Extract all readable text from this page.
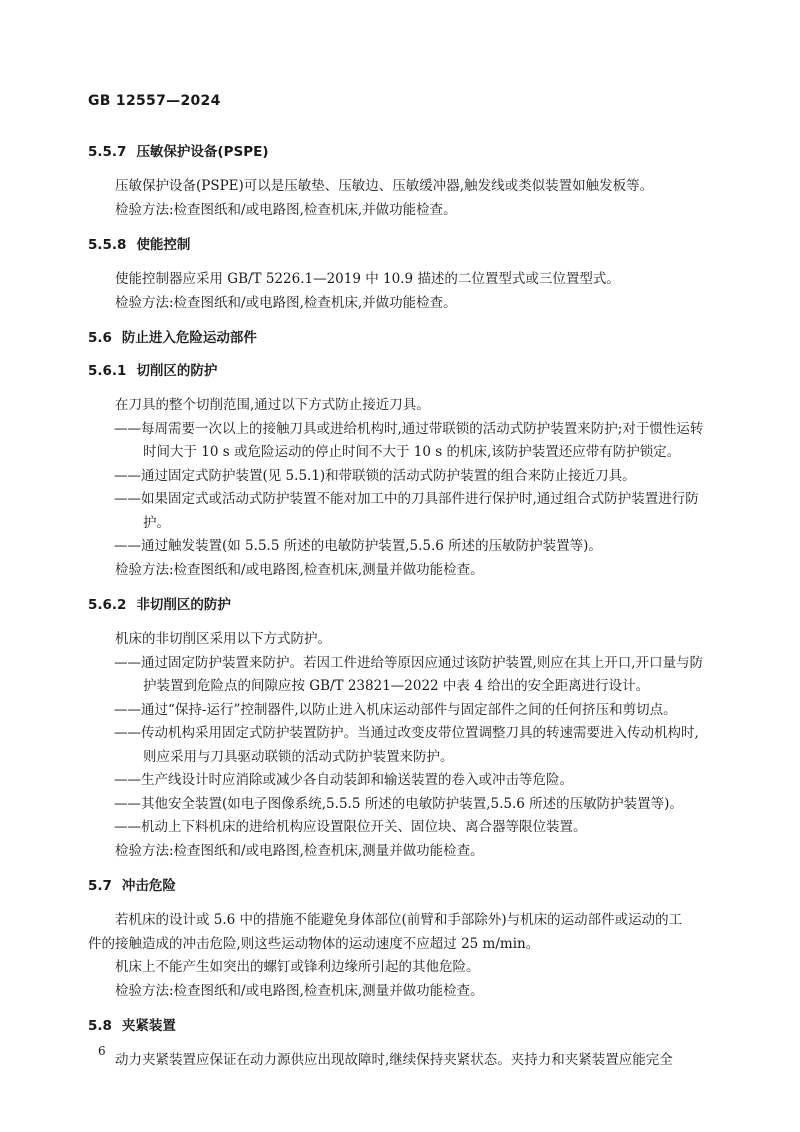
GB 12557—2024
5.5.7 压敏保护设备(PSPE)

压敏保护设备(PSPE)可以是压敏垫、压敏边、压敏缓冲器,触发线或类似装置如触发板等。

检验方法:检查图纸和/或电路图,检查机床,并做功能检查。

5.5.8 使能控制

使能控制器应采用 GB/T 5226.1—2019 中 10.9 描述的二位置型式或三位置型式。

检验方法:检查图纸和/或电路图,检查机床,并做功能检查。

5.6 防止进入危险运动部件
5.6.1 切削区的防护

在刀具的整个切削范围,通过以下方式防止接近刀具。

——每周需要一次以上的接触刀具或进给机构时,通过带联锁的活动式防护装置来防护;对于惯性运转时间大于 10 s 或危险运动的停止时间不大于 10 s 的机床,该防护装置还应带有防护锁定。

——通过固定式防护装置(见 5.5.1)和带联锁的活动式防护装置的组合来防止接近刀具。

——如果固定式或活动式防护装置不能对加工中的刀具部件进行保护时,通过组合式防护装置进行防护。

——通过触发装置(如 5.5.5 所述的电敏防护装置,5.5.6 所述的压敏防护装置等)。

检验方法:检查图纸和/或电路图,检查机床,测量并做功能检查。

5.6.2 非切削区的防护

机床的非切削区采用以下方式防护。

——通过固定防护装置来防护。若因工件进给等原因应通过该防护装置,则应在其上开口,开口量与防护装置到危险点的间隙应按 GB/T 23821—2022 中表 4 给出的安全距离进行设计。

——通过“保持-运行”控制器件,以防止进入机床运动部件与固定部件之间的任何挤压和剪切点。

——传动机构采用固定式防护装置防护。当通过改变皮带位置调整刀具的转速需要进入传动机构时,则应采用与刀具驱动联锁的活动式防护装置来防护。

——生产线设计时应消除或减少各自动装卸和输送装置的卷入或冲击等危险。

——其他安全装置(如电子图像系统,5.5.5 所述的电敏防护装置,5.5.6 所述的压敏防护装置等)。

——机动上下料机床的进给机构应设置限位开关、固位块、离合器等限位装置。

检验方法:检查图纸和/或电路图,检查机床,测量并做功能检查。

5.7 冲击危险

若机床的设计或 5.6 中的措施不能避免身体部位(前臂和手部除外)与机床的运动部件或运动的工

件的接触造成的冲击危险,则这些运动物体的运动速度不应超过 25 m/min。

机床上不能产生如突出的螺钉或锋利边缘所引起的其他危险。

检验方法:检查图纸和/或电路图,检查机床,测量并做功能检查。

5.8 夹紧装置

动力夹紧装置应保证在动力源供应出现故障时,继续保持夹紧状态。夹持力和夹紧装置应能完全

6
